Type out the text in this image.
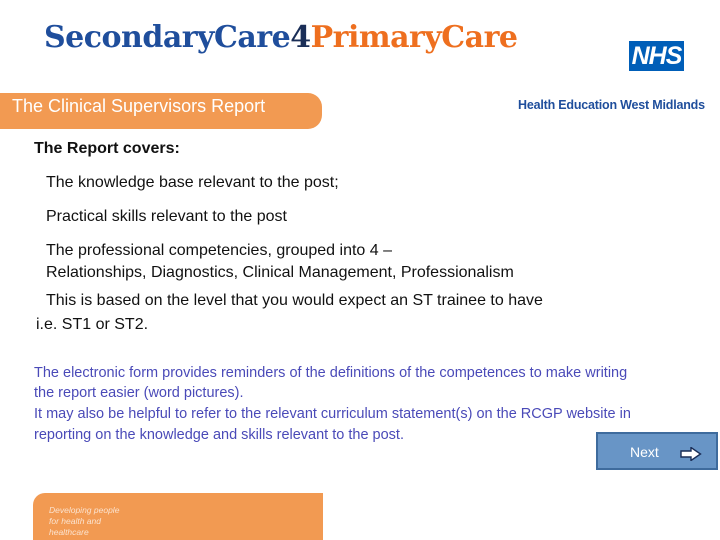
SecondaryCare4PrimaryCare
NHS
The Clinical Supervisors Report	Health Education West Midlands
The Report covers:
The knowledge base relevant to the post;
Practical skills relevant to the post
The professional competencies, grouped into 4 –
Relationships, Diagnostics, Clinical Management, Professionalism
This is based on the level that you would expect an ST trainee to have
i.e. ST1 or ST2.
The electronic form provides reminders of the definitions of the competences to make writing
the report easier (word pictures).
It may also be helpful to refer to the relevant curriculum statement(s) on the RCGP website in
reporting on the knowledge and skills relevant to the post.
Next
Developing people
for health and
healthcare
